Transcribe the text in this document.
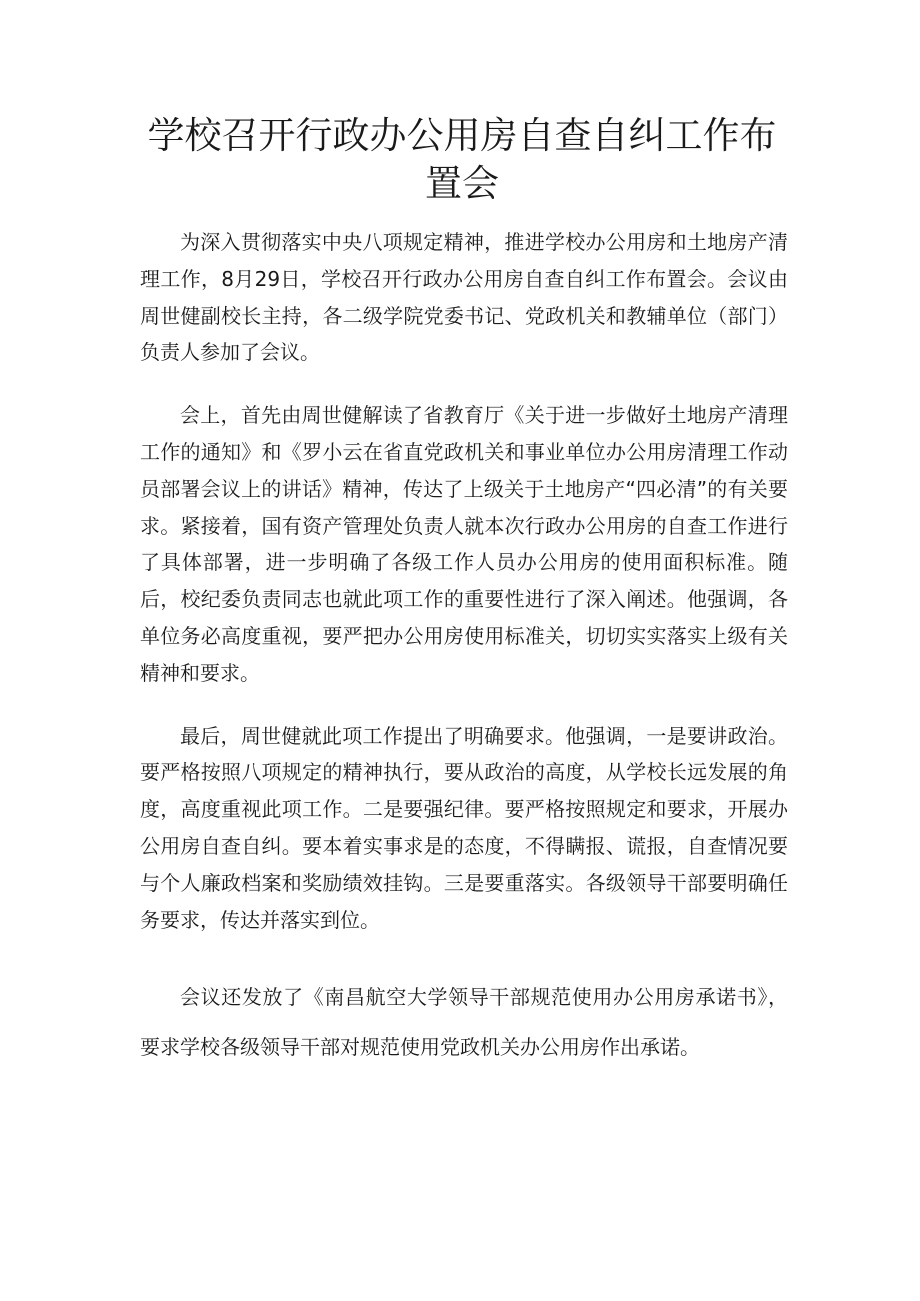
学校召开行政办公用房自查自纠工作布置会

为深入贯彻落实中央八项规定精神，推进学校办公用房和土地房产清理工作，8月29日，学校召开行政办公用房自查自纠工作布置会。会议由周世健副校长主持，各二级学院党委书记、党政机关和教辅单位（部门）负责人参加了会议。

会上，首先由周世健解读了省教育厅《关于进一步做好土地房产清理工作的通知》和《罗小云在省直党政机关和事业单位办公用房清理工作动员部署会议上的讲话》精神，传达了上级关于土地房产“四必清”的有关要求。紧接着，国有资产管理处负责人就本次行政办公用房的自查工作进行了具体部署，进一步明确了各级工作人员办公用房的使用面积标准。随后，校纪委负责同志也就此项工作的重要性进行了深入阐述。他强调，各单位务必高度重视，要严把办公用房使用标准关，切切实实落实上级有关精神和要求。

最后，周世健就此项工作提出了明确要求。他强调，一是要讲政治。要严格按照八项规定的精神执行，要从政治的高度，从学校长远发展的角度，高度重视此项工作。二是要强纪律。要严格按照规定和要求，开展办公用房自查自纠。要本着实事求是的态度，不得瞒报、谎报，自查情况要与个人廉政档案和奖励绩效挂钩。三是要重落实。各级领导干部要明确任务要求，传达并落实到位。

会议还发放了《南昌航空大学领导干部规范使用办公用房承诺书》，要求学校各级领导干部对规范使用党政机关办公用房作出承诺。
